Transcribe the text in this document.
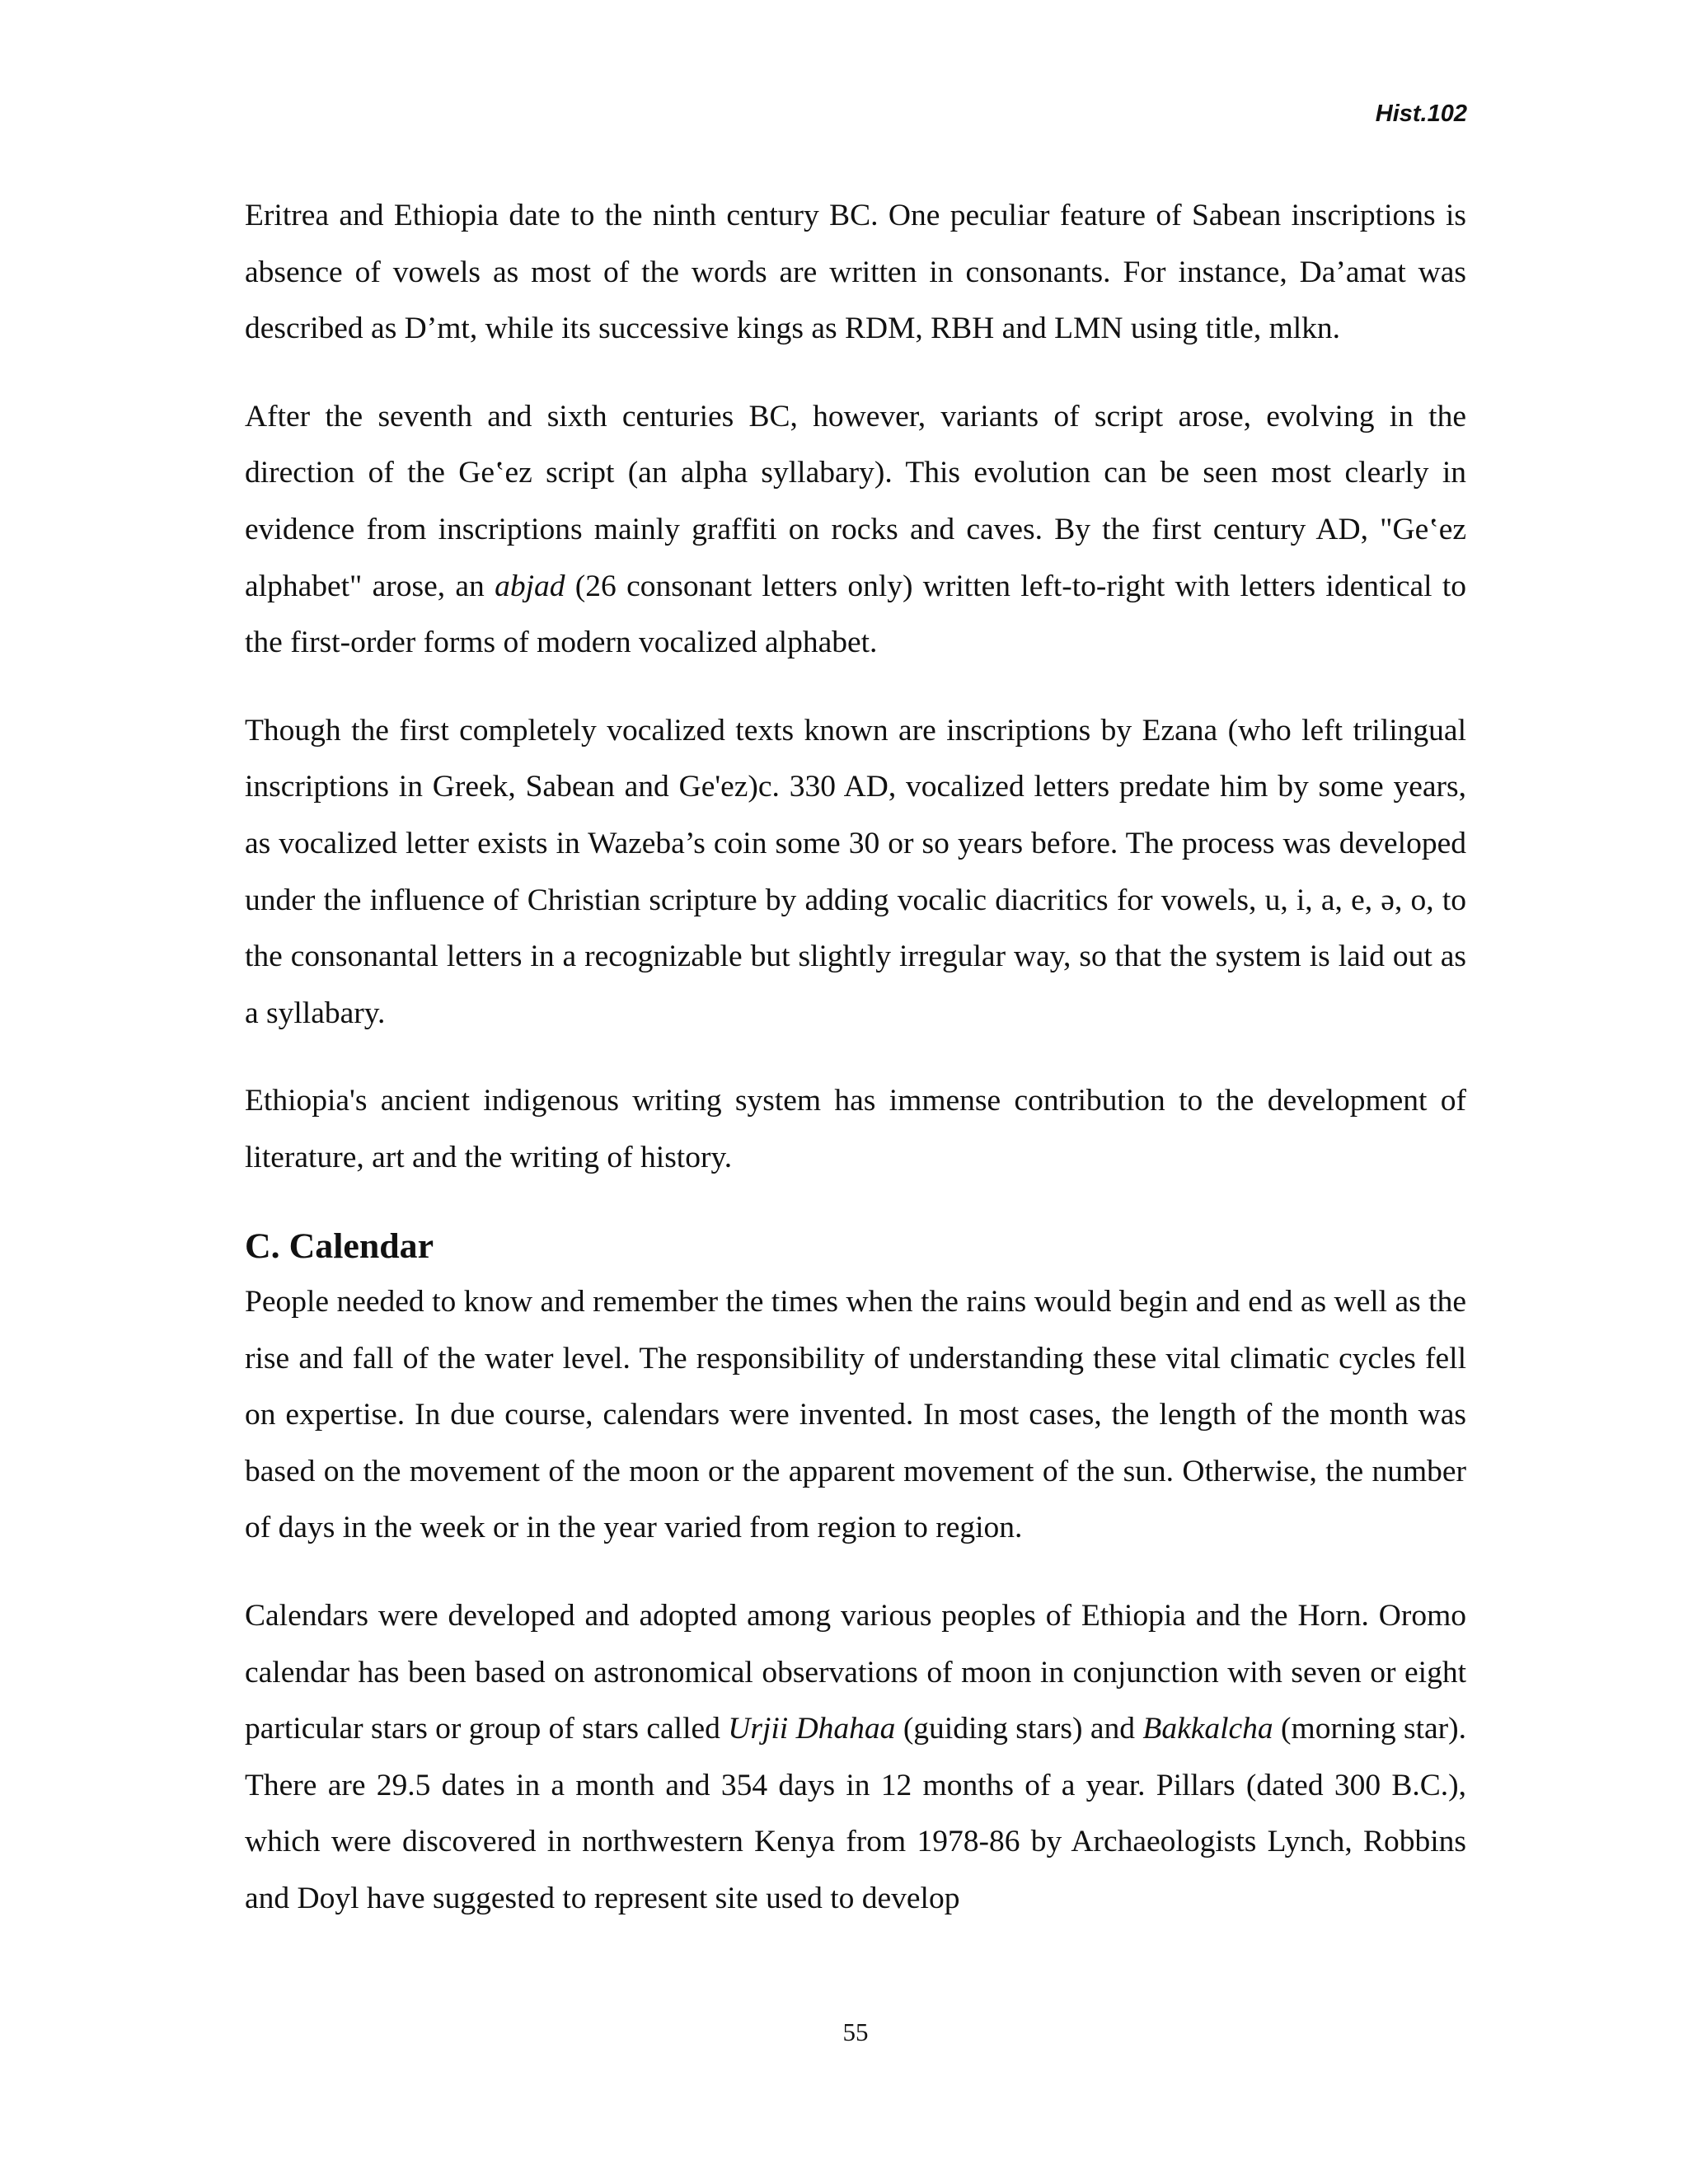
Hist.102

Eritrea and Ethiopia date to the ninth century BC. One peculiar feature of Sabean inscriptions is absence of vowels as most of the words are written in consonants. For instance, Da’amat was described as D’mt, while its successive kings as RDM, RBH and LMN using title, mlkn.

After the seventh and sixth centuries BC, however, variants of script arose, evolving in the direction of the Geʽez script (an alpha syllabary). This evolution can be seen most clearly in evidence from inscriptions mainly graffiti on rocks and caves. By the first century AD, "Geʽez alphabet" arose, an abjad (26 consonant letters only) written left-to-right with letters identical to the first-order forms of modern vocalized alphabet.

Though the first completely vocalized texts known are inscriptions by Ezana (who left trilingual inscriptions in Greek, Sabean and Ge'ez)c. 330 AD, vocalized letters predate him by some years, as vocalized letter exists in Wazeba’s coin some 30 or so years before. The process was developed under the influence of Christian scripture by adding vocalic diacritics for vowels, u, i, a, e, ə, o, to the consonantal letters in a recognizable but slightly irregular way, so that the system is laid out as a syllabary.

Ethiopia's ancient indigenous writing system has immense contribution to the development of literature, art and the writing of history.

C. Calendar

People needed to know and remember the times when the rains would begin and end as well as the rise and fall of the water level. The responsibility of understanding these vital climatic cycles fell on expertise. In due course, calendars were invented. In most cases, the length of the month was based on the movement of the moon or the apparent movement of the sun. Otherwise, the number of days in the week or in the year varied from region to region.

Calendars were developed and adopted among various peoples of Ethiopia and the Horn. Oromo calendar has been based on astronomical observations of moon in conjunction with seven or eight particular stars or group of stars called Urjii Dhahaa (guiding stars) and Bakkalcha (morning star). There are 29.5 dates in a month and 354 days in 12 months of a year. Pillars (dated 300 B.C.), which were discovered in northwestern Kenya from 1978-86 by Archaeologists Lynch, Robbins and Doyl have suggested to represent site used to develop

55
